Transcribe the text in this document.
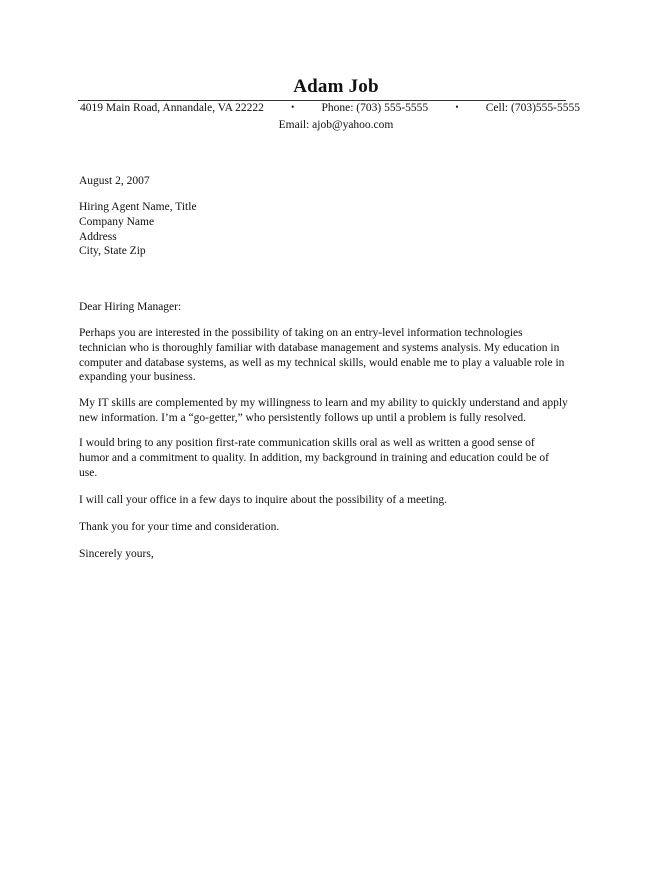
Adam Job
4019 Main Road, Annandale, VA 22222	•	Phone: (703) 555-5555	•	Cell: (703)555-5555
Email: ajob@yahoo.com
August 2, 2007
Hiring Agent Name, Title
Company Name
Address
City, State Zip
Dear Hiring Manager:
Perhaps you are interested in the possibility of taking on an entry-level information technologies
technician who is thoroughly familiar with database management and systems analysis. My education in
computer and database systems, as well as my technical skills, would enable me to play a valuable role in
expanding your business.
My IT skills are complemented by my willingness to learn and my ability to quickly understand and apply
new information. I’m a “go-getter,” who persistently follows up until a problem is fully resolved.
I would bring to any position first-rate communication skills oral as well as written a good sense of
humor and a commitment to quality. In addition, my background in training and education could be of
use.
I will call your office in a few days to inquire about the possibility of a meeting.
Thank you for your time and consideration.
Sincerely yours,
